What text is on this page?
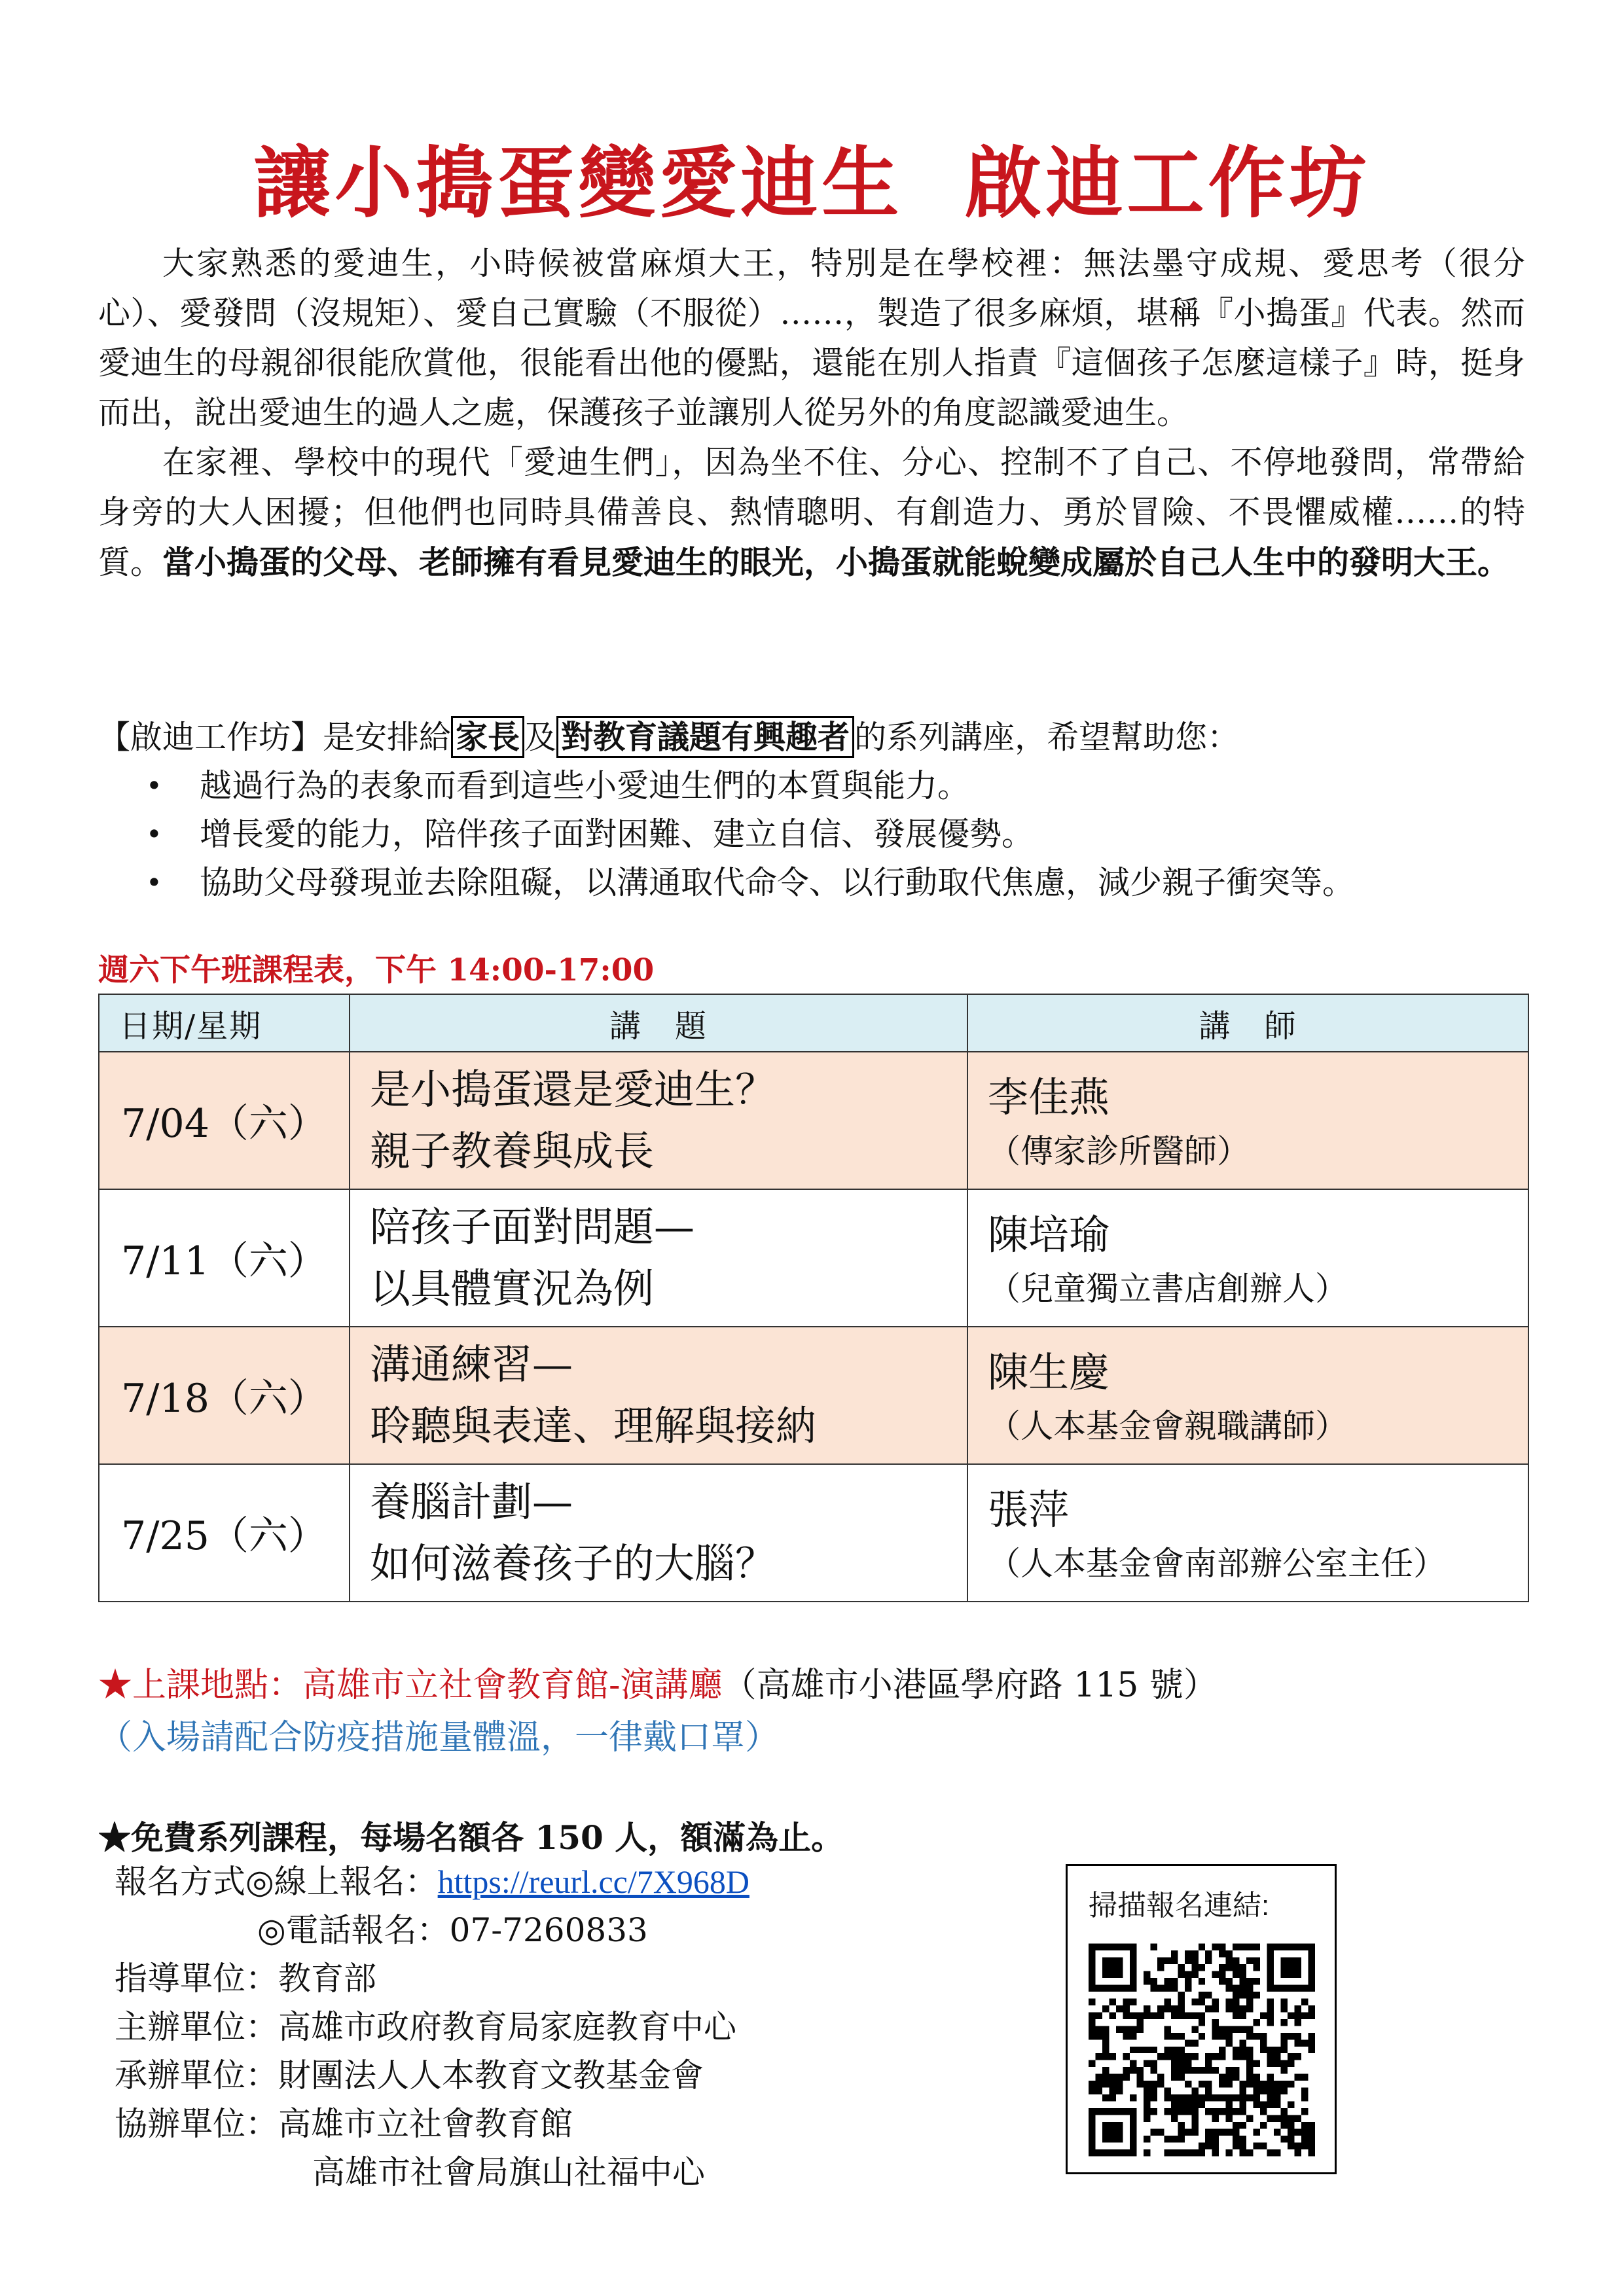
讓小搗蛋變愛迪生  啟迪工作坊

大家熟悉的愛迪生，小時候被當麻煩大王，特別是在學校裡：無法墨守成規、愛思考（很分心）、愛發問（沒規矩）、愛自己實驗（不服從）……，製造了很多麻煩，堪稱『小搗蛋』代表。然而愛迪生的母親卻很能欣賞他，很能看出他的優點，還能在別人指責『這個孩子怎麼這樣子』時，挺身而出，說出愛迪生的過人之處，保護孩子並讓別人從另外的角度認識愛迪生。

在家裡、學校中的現代「愛迪生們」，因為坐不住、分心、控制不了自己、不停地發問，常帶給身旁的大人困擾；但他們也同時具備善良、熱情聰明、有創造力、勇於冒險、不畏懼威權……的特質。當小搗蛋的父母、老師擁有看見愛迪生的眼光，小搗蛋就能蛻變成屬於自己人生中的發明大王。

【啟迪工作坊】是安排給 家長 及 對教育議題有興趣者 的系列講座，希望幫助您：
• 越過行為的表象而看到這些小愛迪生們的本質與能力。
• 增長愛的能力，陪伴孩子面對困難、建立自信、發展優勢。
• 協助父母發現並去除阻礙，以溝通取代命令、以行動取代焦慮，減少親子衝突等。
週六下午班課程表，下午 14:00-17:00
日期/星期	講　題	講　師
7/04（六）	是小搗蛋還是愛迪生？
親子教養與成長	李佳燕
（傳家診所醫師）

7/11（六）	陪孩子面對問題—
以具體實況為例	陳培瑜
（兒童獨立書店創辦人）

7/18（六）	溝通練習—
聆聽與表達、理解與接納	陳生慶
（人本基金會親職講師）

7/25（六）	養腦計劃—
如何滋養孩子的大腦？	張萍
（人本基金會南部辦公室主任）
★上課地點：高雄市立社會教育館-演講廳（高雄市小港區學府路 115 號）
（入場請配合防疫措施量體溫，一律戴口罩）
★免費系列課程，每場名額各 150 人，額滿為止。
報名方式◎線上報名：https://reurl.cc/7X968D
◎電話報名：07-7260833
指導單位：教育部
主辦單位：高雄市政府教育局家庭教育中心
承辦單位：財團法人人本教育文教基金會
協辦單位：高雄市立社會教育館
高雄市社會局旗山社福中心
掃描報名連結:
